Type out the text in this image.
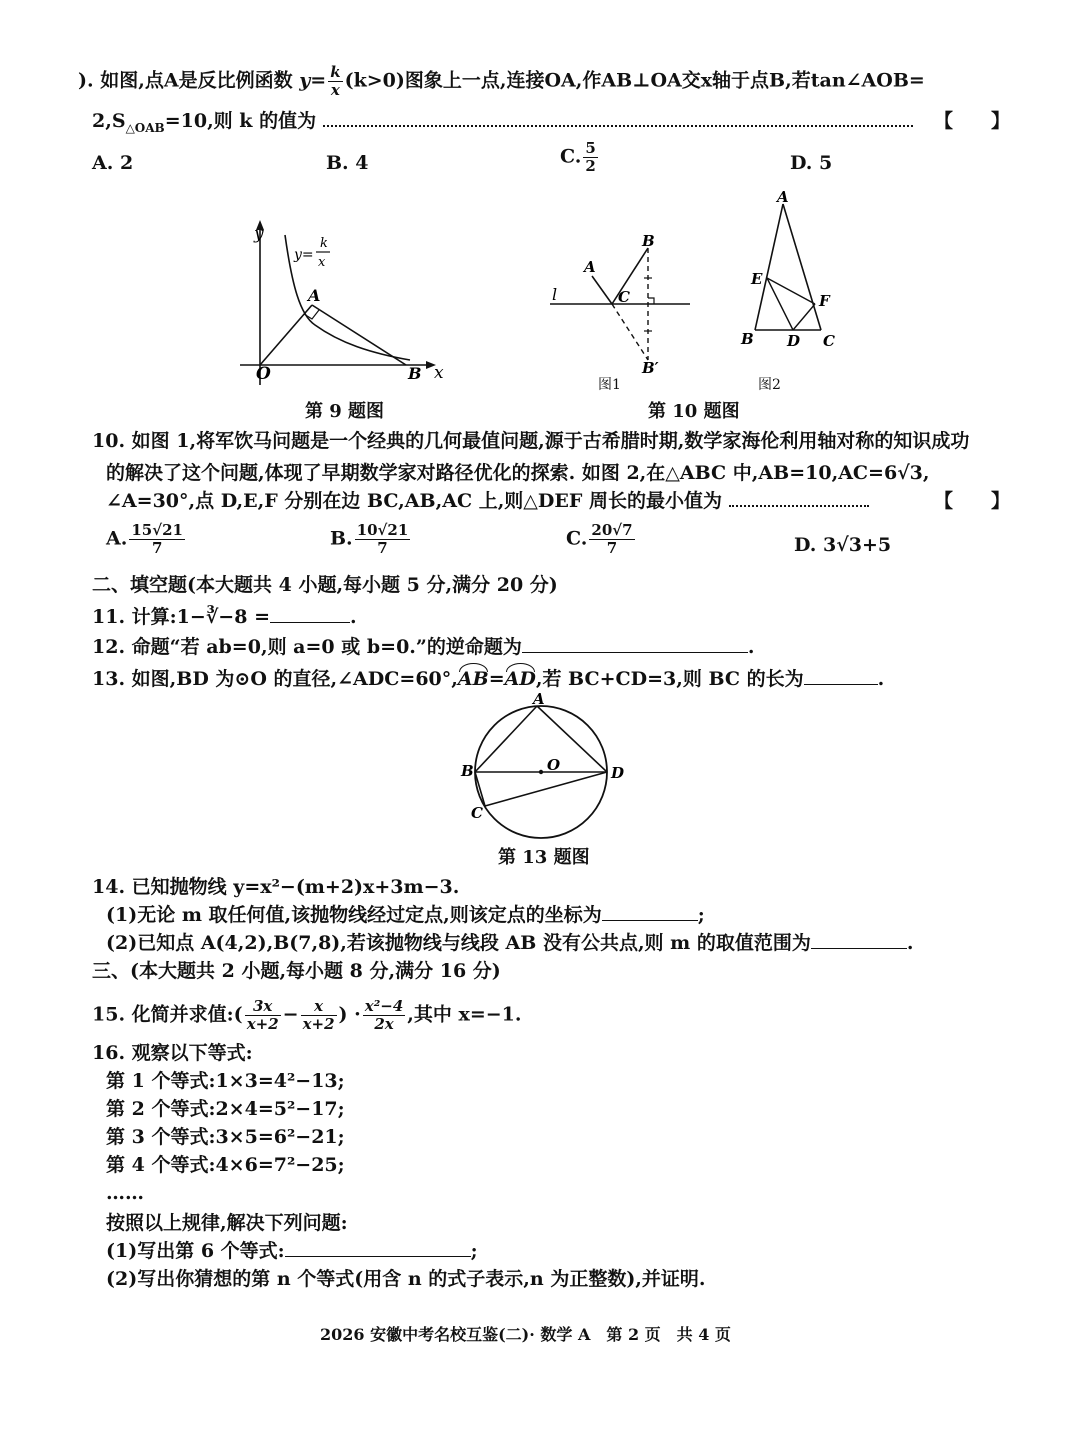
). 如图,点A是反比例函数 $y= \frac{k}{x} (k>0)$图象上一点,连接OA,作AB⊥OA交x轴于点B,若tan∠AOB=
$2,S_{\triangle OAB}=10$,则 k 的值为	【　　】
A. 2	B. 4	C. $\frac{5}{2}$	D. 5
y
x
O
A
B
y=
k
x
第 9 题图
l
A
B
C
B′
图1
A
E
F
B D C
图2
第 10 题图
10. 如图 1,将军饮马问题是一个经典的几何最值问题,源于古希腊时期,数学家海伦利用轴对称的知识成功
的解决了这个问题,体现了早期数学家对路径优化的探索. 如图 2,在△ABC 中,AB=10,AC=6√3,
∠A=30°,点 D,E,F 分别在边 BC,AB,AC 上,则△DEF 周长的最小值为	【　　】
A. $\frac{15√21}{7}$	B. $\frac{10√21}{7}$	C. $\frac{20√7}{7}$	D. 3√3+5
二、填空题(本大题共 4 小题,每小题 5 分,满分 20 分)
11. 计算:1−∛−8 =	.
12. 命题“若 ab=0,则 a=0 或 b=0.”的逆命题为	.
13. 如图,BD 为⊙O 的直径,∠ADC=60°,AB=AD,若 BC+CD=3,则 BC 的长为	.
A
B	O	D
C
第 13 题图
14. 已知抛物线 y=x²−(m+2)x+3m−3.
(1)无论 m 取任何值,该抛物线经过定点,则该定点的坐标为	;
(2)已知点 A(4,2),B(7,8),若该抛物线与线段 AB 没有公共点,则 m 的取值范围为	.
三、(本大题共 2 小题,每小题 8 分,满分 16 分)
15. 化简并求值:( $\frac{3x}{x+2} - \frac{x}{x+2}$ ) · $\frac{\text{x²−4}}{2x}$ ,其中 x=−1.
16. 观察以下等式:
第 1 个等式:1×3=4²−13;
第 2 个等式:2×4=5²−17;
第 3 个等式:3×5=6²−21;
第 4 个等式:4×6=7²−25;
……
按照以上规律,解决下列问题:
(1)写出第 6 个等式:	;
(2)写出你猜想的第 n 个等式(用含 n 的式子表示,n 为正整数),并证明.
2026 安徽中考名校互鉴(二)· 数学 A　第 2 页　共 4 页
